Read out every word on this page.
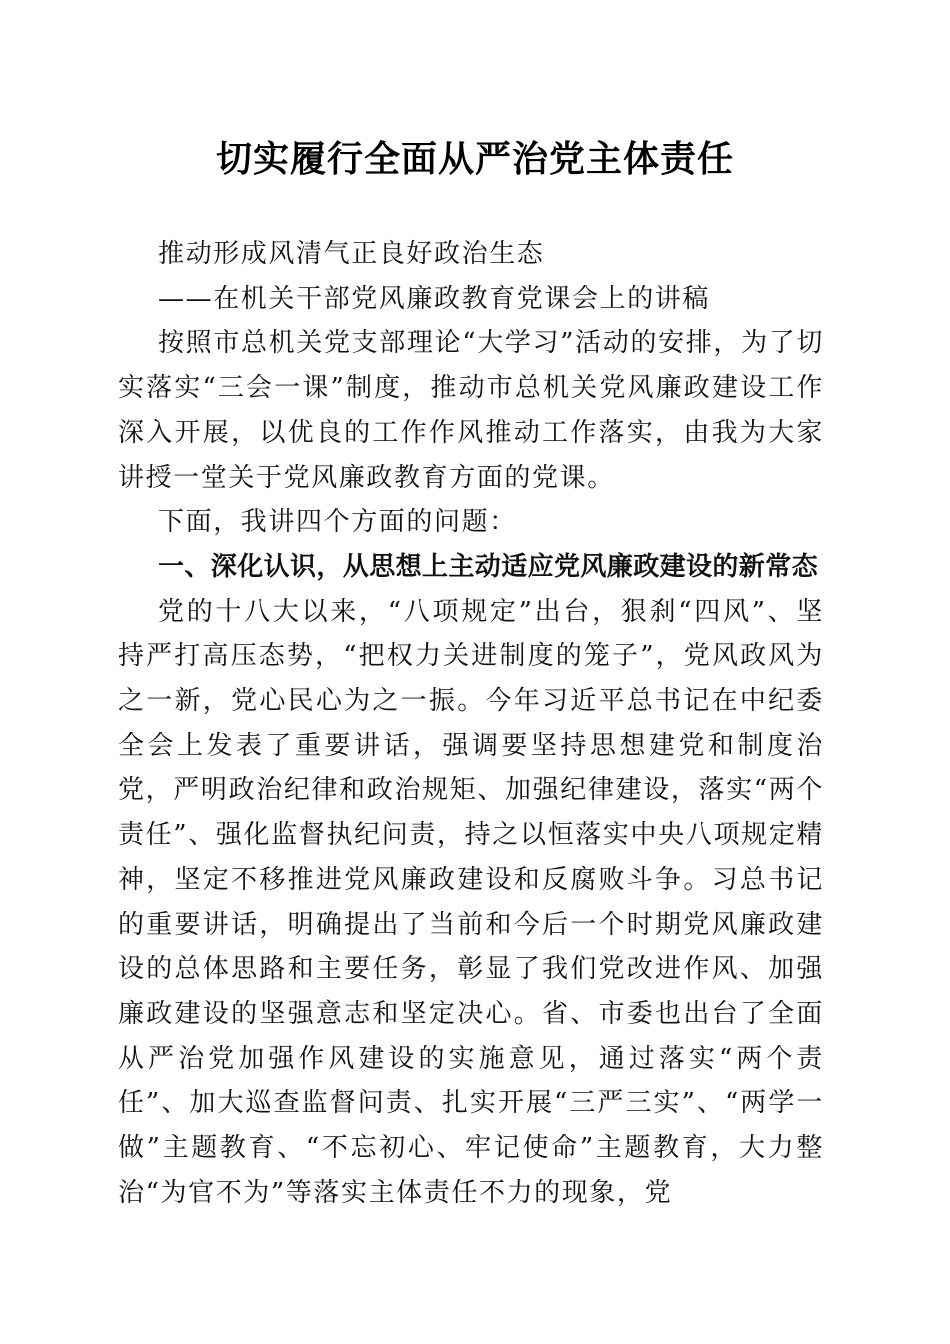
切实履行全面从严治党主体责任

推动形成风清气正良好政治生态

——在机关干部党风廉政教育党课会上的讲稿

按照市总机关党支部理论“大学习”活动的安排，为了切实落实“三会一课”制度，推动市总机关党风廉政建设工作深入开展，以优良的工作作风推动工作落实，由我为大家讲授一堂关于党风廉政教育方面的党课。

下面，我讲四个方面的问题：

一、深化认识，从思想上主动适应党风廉政建设的新常态

党的十八大以来，“八项规定”出台，狠刹“四风”、坚持严打高压态势，“把权力关进制度的笼子”，党风政风为之一新，党心民心为之一振。今年习近平总书记在中纪委全会上发表了重要讲话，强调要坚持思想建党和制度治党，严明政治纪律和政治规矩、加强纪律建设，落实“两个责任”、强化监督执纪问责，持之以恒落实中央八项规定精神，坚定不移推进党风廉政建设和反腐败斗争。习总书记的重要讲话，明确提出了当前和今后一个时期党风廉政建设的总体思路和主要任务，彰显了我们党改进作风、加强廉政建设的坚强意志和坚定决心。省、市委也出台了全面从严治党加强作风建设的实施意见，通过落实“两个责任”、加大巡查监督问责、扎实开展“三严三实”、“两学一做”主题教育、“不忘初心、牢记使命”主题教育，大力整治“为官不为”等落实主体责任不力的现象，党
